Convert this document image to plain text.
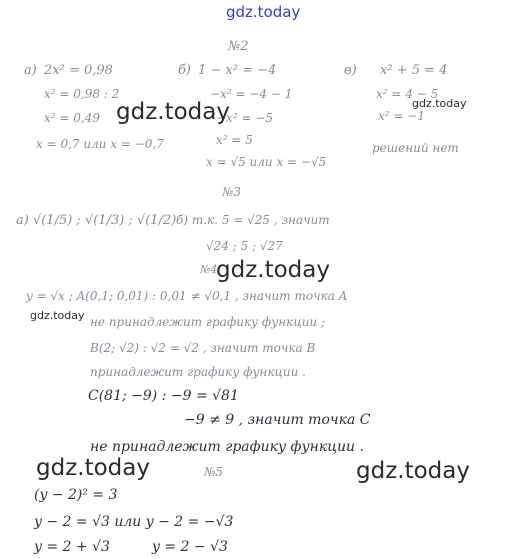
gdz.today
№2
а) 2x² = 0,98
x² = 0,98 : 2
x² = 0,49
x = 0,7 или x = −0,7
б) 1 − x² = −4
−x² = −4 − 1
−x² = −5
x² = 5
x = √5 или x = −√5
в) x² + 5 = 4
x² = 4 − 5
x² = −1
решений нет
gdz.today	gdz.today
№3
а) √(1/5) ; √(1/3) ; √(1/2) б) т.к. 5 = √25 , значит
√24 ; 5 ; √27
№4
gdz.today
y = √x ; A(0,1; 0,01) : 0,01 ≠ √0,1 , значит точка A
gdz.today не принадлежит графику функции ;
B(2; √2) : √2 = √2 , значит точка B
принадлежит графику функции .
C(81; −9) : −9 = √81
−9 ≠ 9 , значит точка C
не принадлежит графику функции .
gdz.today	gdz.today
№5
(y − 2)² = 3
y − 2 = √3 или y − 2 = −√3
y = 2 + √3	y = 2 − √3
